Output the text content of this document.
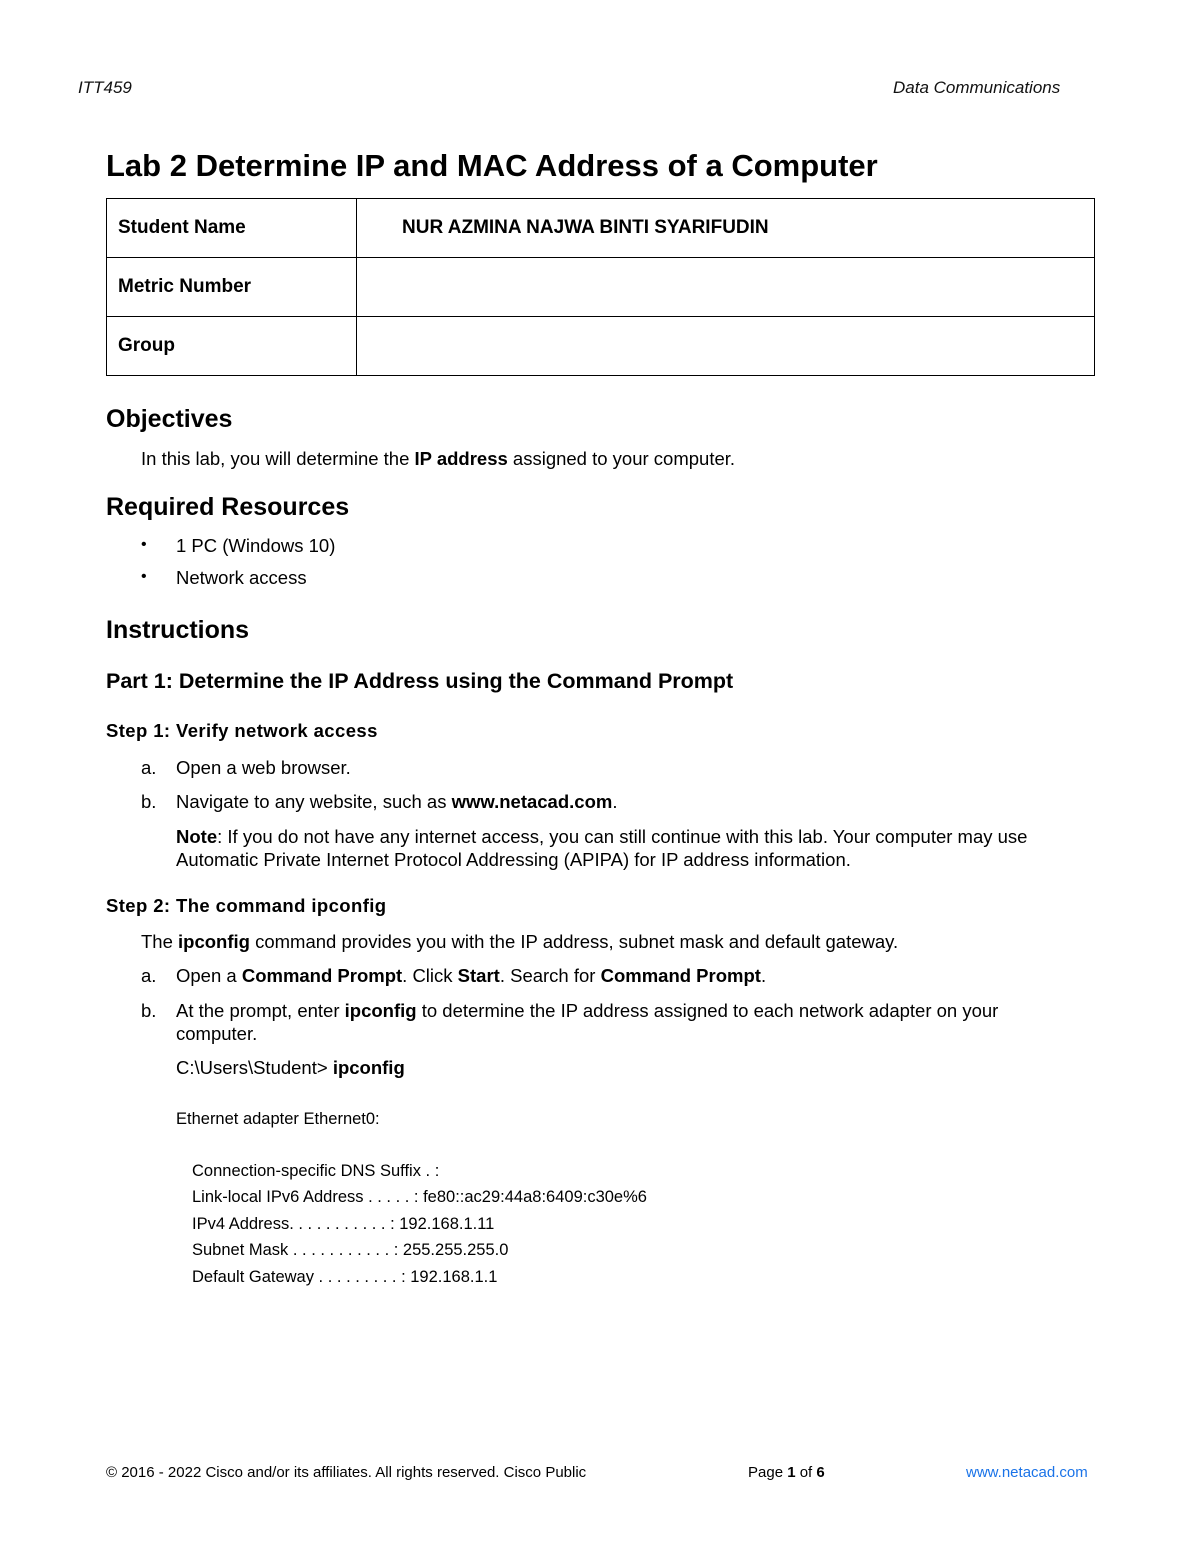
ITT459	Data Communications
Lab 2 Determine IP and MAC Address of a Computer
Student Name	NUR AZMINA NAJWA BINTI SYARIFUDIN
Metric Number	
Group	
Objectives
In this lab, you will determine the IP address assigned to your computer.
Required Resources
• 1 PC (Windows 10)
• Network access
Instructions
Part 1: Determine the IP Address using the Command Prompt
Step 1: Verify network access
a. Open a web browser.
b. Navigate to any website, such as www.netacad.com.
Note: If you do not have any internet access, you can still continue with this lab. Your computer may use
Automatic Private Internet Protocol Addressing (APIPA) for IP address information.
Step 2: The command ipconfig
The ipconfig command provides you with the IP address, subnet mask and default gateway.
a. Open a Command Prompt. Click Start. Search for Command Prompt.
b. At the prompt, enter ipconfig to determine the IP address assigned to each network adapter on your
computer.
C:\Users\Student> ipconfig
Ethernet adapter Ethernet0:
Connection-specific DNS Suffix . :
Link-local IPv6 Address . . . . . : fe80::ac29:44a8:6409:c30e%6
IPv4 Address. . . . . . . . . . . : 192.168.1.11
Subnet Mask . . . . . . . . . . . : 255.255.255.0
Default Gateway . . . . . . . . . : 192.168.1.1
© 2016 - 2022 Cisco and/or its affiliates. All rights reserved. Cisco Public	Page 1 of 6	www.netacad.com
